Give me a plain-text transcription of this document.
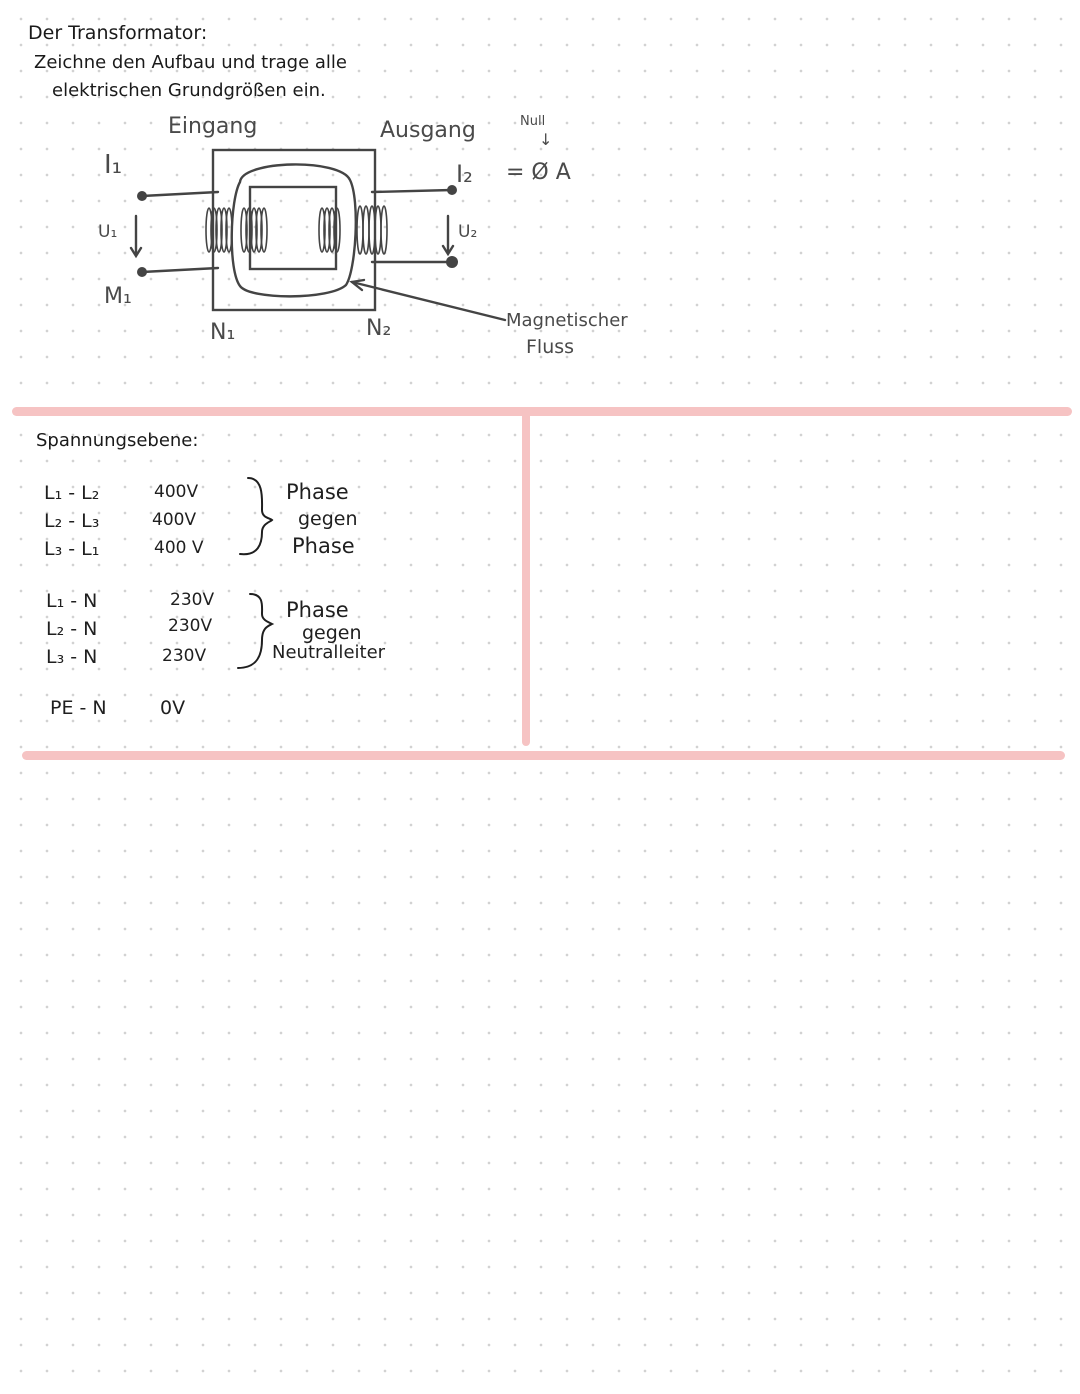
Der Transformator:
Zeichne den Aufbau und trage alle
elektrischen Grundgrößen ein.
Eingang	Ausgang
I₁
U₁
M₁
N₁	N₂
I₂ = Ø A
Null
↓
U₂
Magnetischer
Fluss
Spannungsebene:
L₁ - L₂	400V
L₂ - L₃	400V
L₃ - L₁	400 V
Phase
gegen
Phase
L₁ - N	230V
L₂ - N	230V
L₃ - N	230V
Phase
gegen
Neutralleiter
PE - N	0V
